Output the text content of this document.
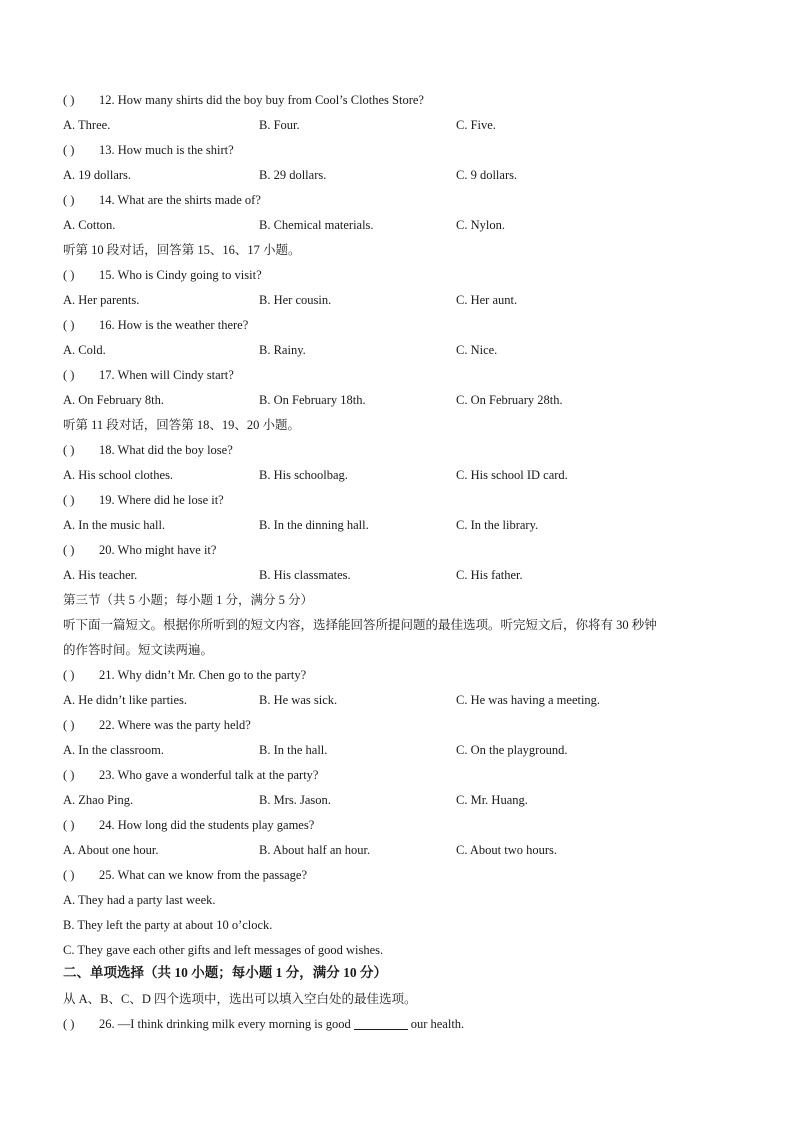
( ) 12. How many shirts did the boy buy from Cool’s Clothes Store?
A. Three.	B. Four.	C. Five.
( ) 13. How much is the shirt?
A. 19 dollars.	B. 29 dollars.	C. 9 dollars.
( ) 14. What are the shirts made of?
A. Cotton.	B. Chemical materials.	C. Nylon.
听第 10 段对话，回答第 15、16、17 小题。
( ) 15. Who is Cindy going to visit?
A. Her parents.	B. Her cousin.	C. Her aunt.
( ) 16. How is the weather there?
A. Cold.	B. Rainy.	C. Nice.
( ) 17. When will Cindy start?
A. On February 8th.	B. On February 18th.	C. On February 28th.
听第 11 段对话，回答第 18、19、20 小题。
( ) 18. What did the boy lose?
A. His school clothes.	B. His schoolbag.	C. His school ID card.
( ) 19. Where did he lose it?
A. In the music hall.	B. In the dinning hall.	C. In the library.
( ) 20. Who might have it?
A. His teacher.	B. His classmates.	C. His father.
第三节（共 5 小题；每小题 1 分，满分 5 分）
听下面一篇短文。根据你所听到的短文内容，选择能回答所提问题的最佳选项。听完短文后，你将有 30 秒钟
的作答时间。短文读两遍。
( ) 21. Why didn’t Mr. Chen go to the party?
A. He didn’t like parties.	B. He was sick.	C. He was having a meeting.
( ) 22. Where was the party held?
A. In the classroom.	B. In the hall.	C. On the playground.
( ) 23. Who gave a wonderful talk at the party?
A. Zhao Ping.	B. Mrs. Jason.	C. Mr. Huang.
( ) 24. How long did the students play games?
A. About one hour.	B. About half an hour.	C. About two hours.
( ) 25. What can we know from the passage?
A. They had a party last week.
B. They left the party at about 10 o’clock.
C. They gave each other gifts and left messages of good wishes.
二、单项选择（共 10 小题；每小题 1 分，满分 10 分）
从 A、B、C、D 四个选项中，选出可以填入空白处的最佳选项。
( ) 26. —I think drinking milk every morning is good	our health.
